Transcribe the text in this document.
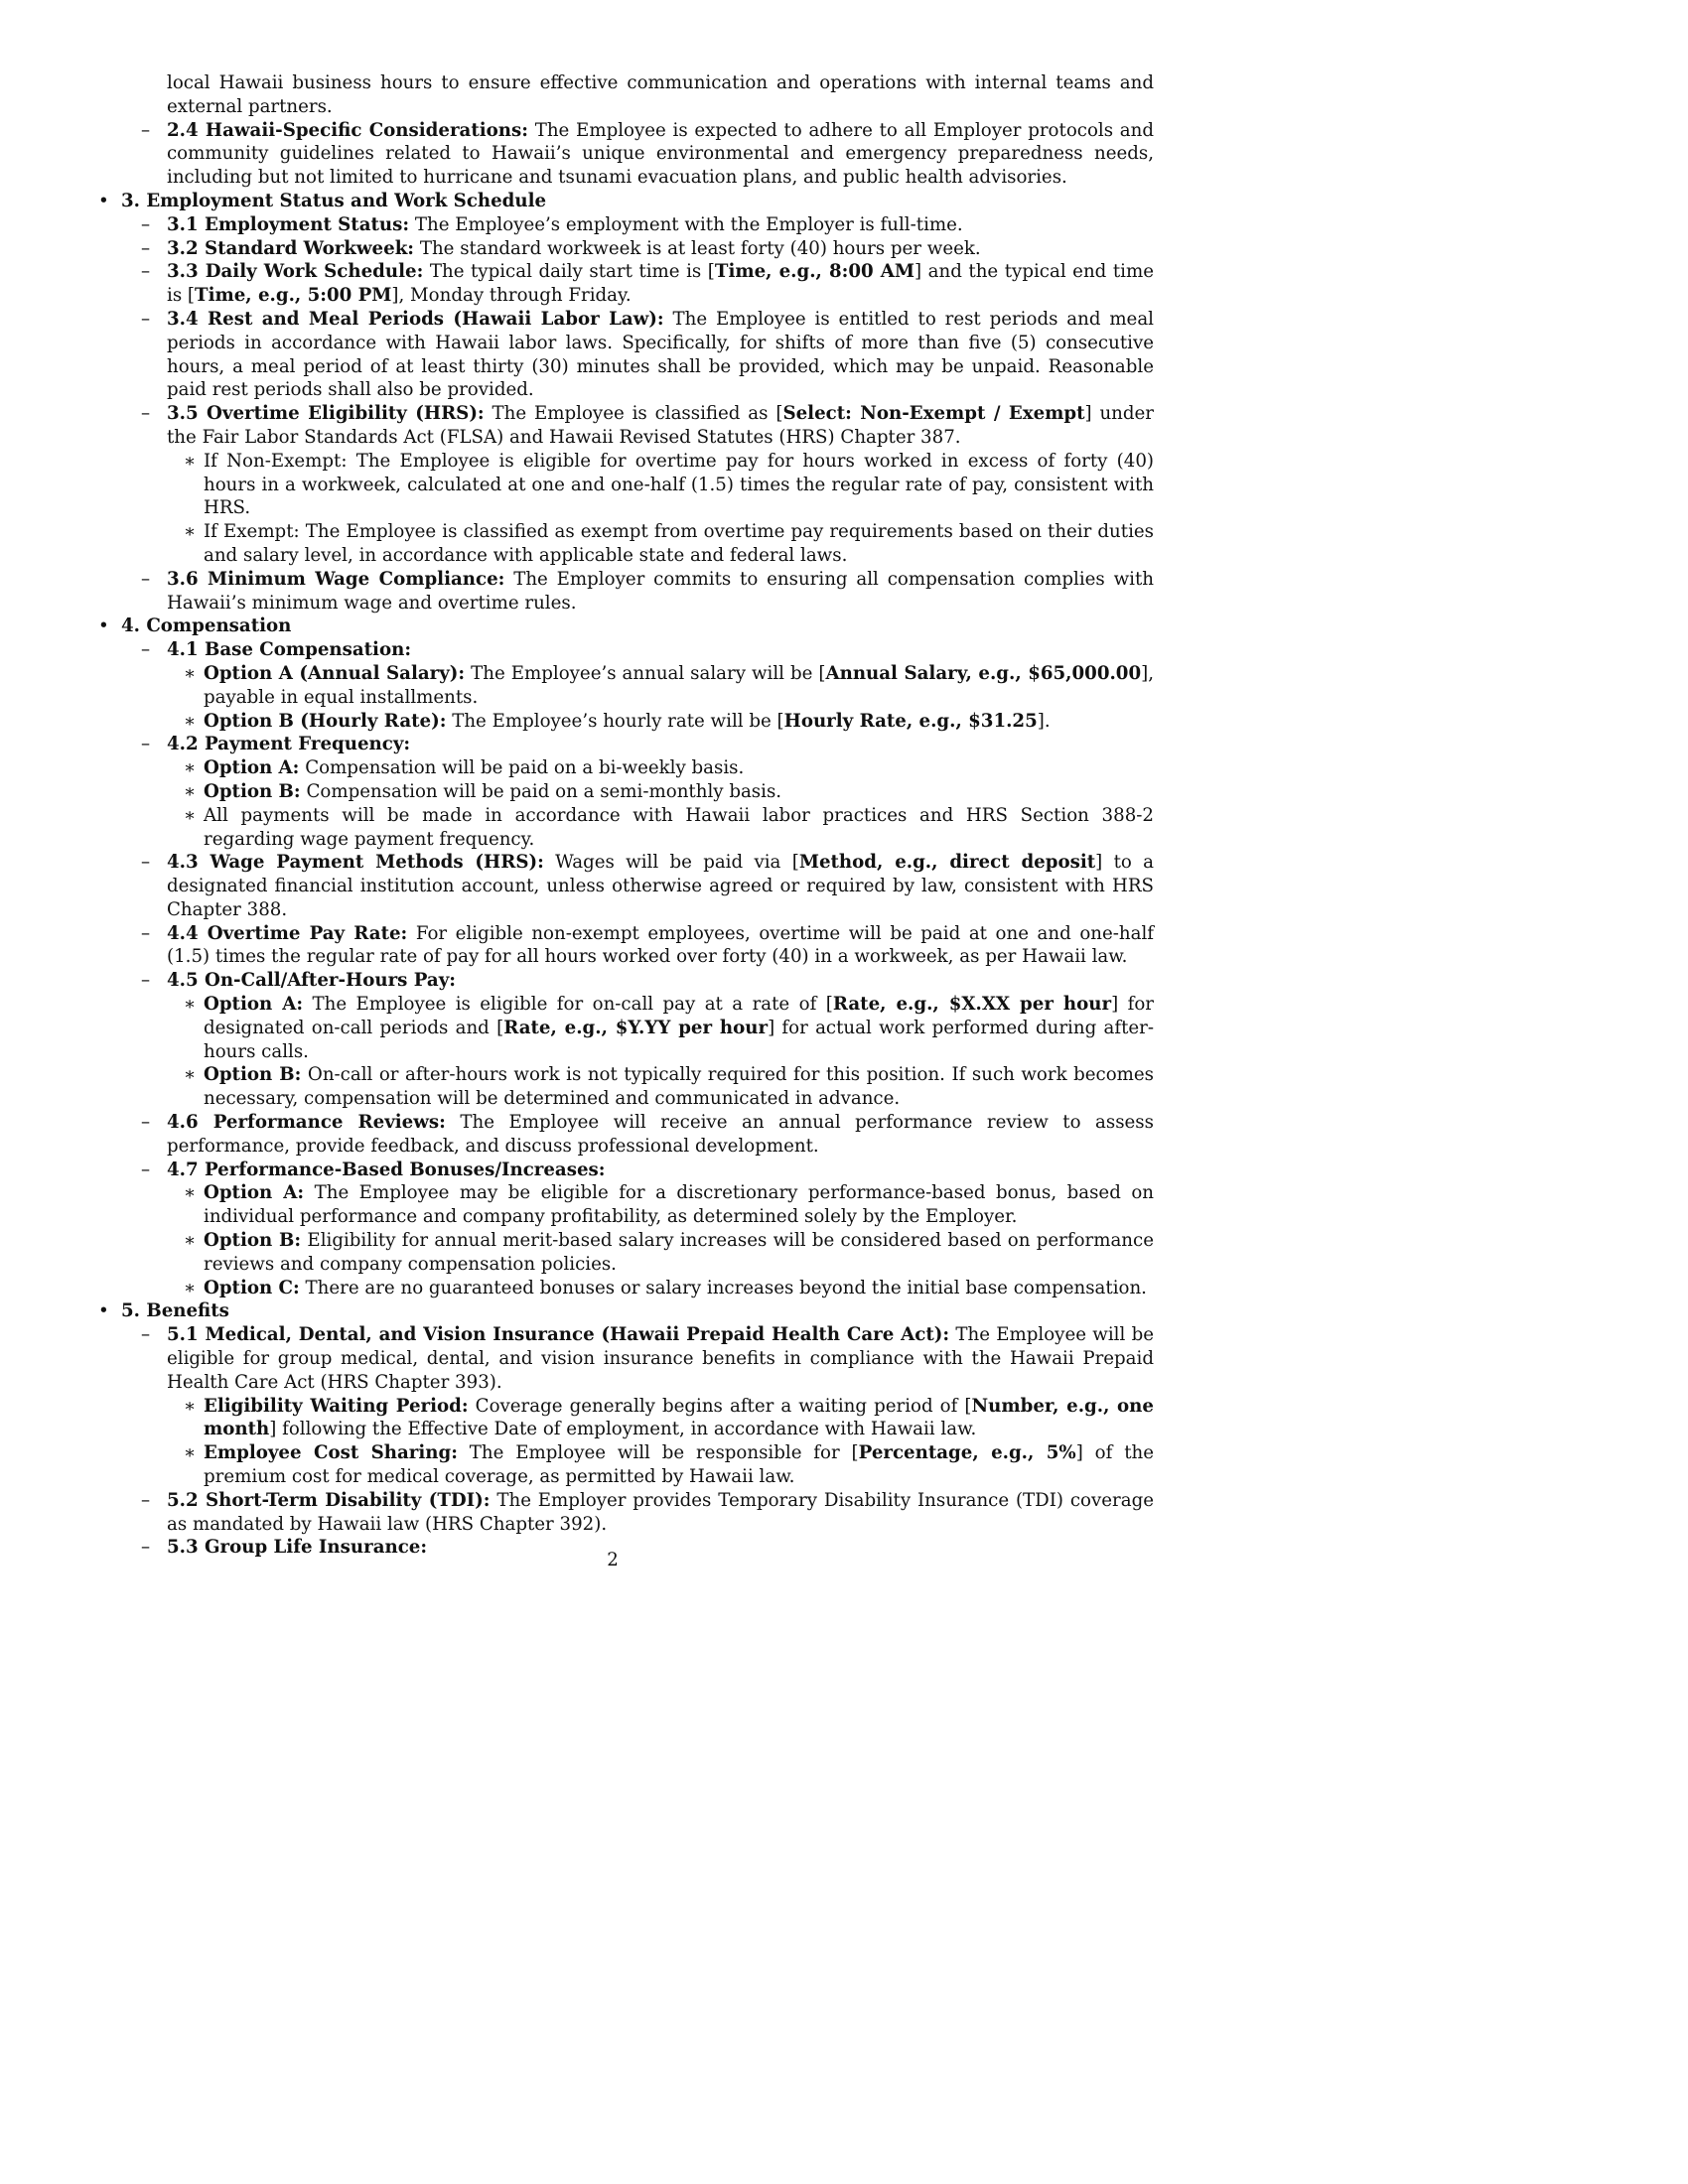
local Hawaii business hours to ensure effective communication and operations with internal teams and external partners.

– 2.4 Hawaii-Specific Considerations: The Employee is expected to adhere to all Employer protocols and community guidelines related to Hawaii’s unique environmental and emergency preparedness needs, including but not limited to hurricane and tsunami evacuation plans, and public health advisories.
• 3. Employment Status and Work Schedule
– 3.1 Employment Status: The Employee’s employment with the Employer is full-time.
– 3.2 Standard Workweek: The standard workweek is at least forty (40) hours per week.
– 3.3 Daily Work Schedule: The typical daily start time is [Time, e.g., 8:00 AM] and the typical end time is [Time, e.g., 5:00 PM], Monday through Friday.
– 3.4 Rest and Meal Periods (Hawaii Labor Law): The Employee is entitled to rest periods and meal periods in accordance with Hawaii labor laws. Specifically, for shifts of more than five (5) consecutive hours, a meal period of at least thirty (30) minutes shall be provided, which may be unpaid. Reasonable paid rest periods shall also be provided.
– 3.5 Overtime Eligibility (HRS): The Employee is classified as [Select: Non-Exempt / Exempt] under the Fair Labor Standards Act (FLSA) and Hawaii Revised Statutes (HRS) Chapter 387.
∗ If Non-Exempt: The Employee is eligible for overtime pay for hours worked in excess of forty (40) hours in a workweek, calculated at one and one-half (1.5) times the regular rate of pay, consistent with HRS.
∗ If Exempt: The Employee is classified as exempt from overtime pay requirements based on their duties and salary level, in accordance with applicable state and federal laws.
– 3.6 Minimum Wage Compliance: The Employer commits to ensuring all compensation complies with Hawaii’s minimum wage and overtime rules.
• 4. Compensation
– 4.1 Base Compensation:
∗ Option A (Annual Salary): The Employee’s annual salary will be [Annual Salary, e.g., $65,000.00], payable in equal installments.
∗ Option B (Hourly Rate): The Employee’s hourly rate will be [Hourly Rate, e.g., $31.25].
– 4.2 Payment Frequency:
∗ Option A: Compensation will be paid on a bi-weekly basis.
∗ Option B: Compensation will be paid on a semi-monthly basis.
∗ All payments will be made in accordance with Hawaii labor practices and HRS Section 388-2 regarding wage payment frequency.
– 4.3 Wage Payment Methods (HRS): Wages will be paid via [Method, e.g., direct deposit] to a designated financial institution account, unless otherwise agreed or required by law, consistent with HRS Chapter 388.
– 4.4 Overtime Pay Rate: For eligible non-exempt employees, overtime will be paid at one and one-half (1.5) times the regular rate of pay for all hours worked over forty (40) in a workweek, as per Hawaii law.
– 4.5 On-Call/After-Hours Pay:
∗ Option A: The Employee is eligible for on-call pay at a rate of [Rate, e.g., $X.XX per hour] for designated on-call periods and [Rate, e.g., $Y.YY per hour] for actual work performed during after-hours calls.
∗ Option B: On-call or after-hours work is not typically required for this position. If such work becomes necessary, compensation will be determined and communicated in advance.
– 4.6 Performance Reviews: The Employee will receive an annual performance review to assess performance, provide feedback, and discuss professional development.
– 4.7 Performance-Based Bonuses/Increases:
∗ Option A: The Employee may be eligible for a discretionary performance-based bonus, based on individual performance and company profitability, as determined solely by the Employer.
∗ Option B: Eligibility for annual merit-based salary increases will be considered based on performance reviews and company compensation policies.
∗ Option C: There are no guaranteed bonuses or salary increases beyond the initial base compensation.
• 5. Benefits
– 5.1 Medical, Dental, and Vision Insurance (Hawaii Prepaid Health Care Act): The Employee will be eligible for group medical, dental, and vision insurance benefits in compliance with the Hawaii Prepaid Health Care Act (HRS Chapter 393).
∗ Eligibility Waiting Period: Coverage generally begins after a waiting period of [Number, e.g., one month] following the Effective Date of employment, in accordance with Hawaii law.
∗ Employee Cost Sharing: The Employee will be responsible for [Percentage, e.g., 5%] of the premium cost for medical coverage, as permitted by Hawaii law.
– 5.2 Short-Term Disability (TDI): The Employer provides Temporary Disability Insurance (TDI) coverage as mandated by Hawaii law (HRS Chapter 392).
– 5.3 Group Life Insurance:
2
